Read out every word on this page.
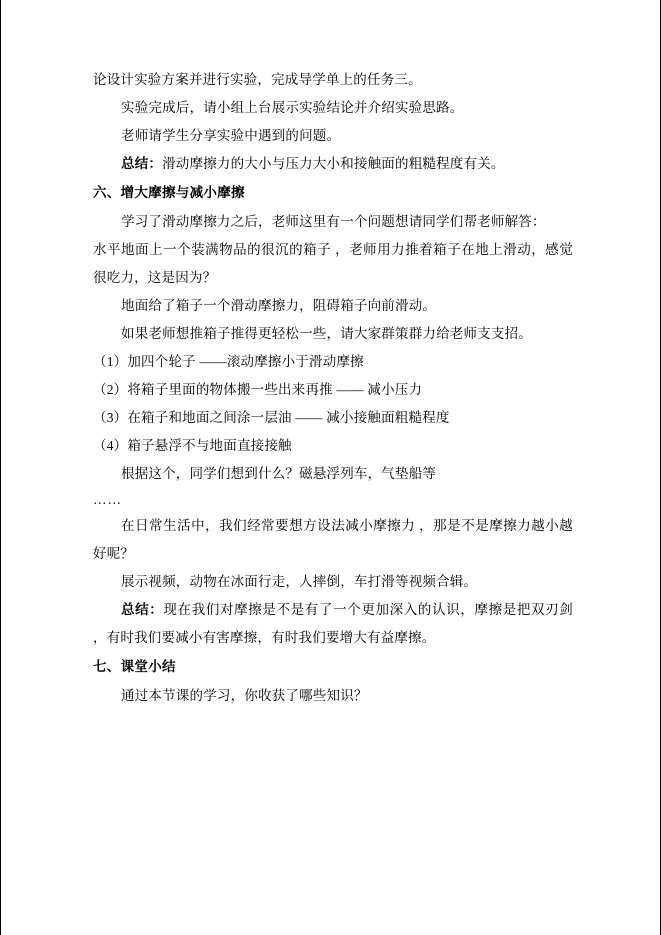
论设计实验方案并进行实验，完成导学单上的任务三。

实验完成后，请小组上台展示实验结论并介绍实验思路。

老师请学生分享实验中遇到的问题。

总结：滑动摩擦力的大小与压力大小和接触面的粗糙程度有关。

六、增大摩擦与减小摩擦

学习了滑动摩擦力之后，老师这里有一个问题想请同学们帮老师解答：

水平地面上一个装满物品的很沉的箱子 ，老师用力推着箱子在地上滑动，感觉很吃力，这是因为？

地面给了箱子一个滑动摩擦力，阻碍箱子向前滑动。

如果老师想推箱子推得更轻松一些，请大家群策群力给老师支支招。

（1）加四个轮子 ——滚动摩擦小于滑动摩擦

（2）将箱子里面的物体搬一些出来再推 —— 减小压力

（3）在箱子和地面之间涂一层油 —— 减小接触面粗糙程度

（4）箱子悬浮不与地面直接接触

根据这个，同学们想到什么？磁悬浮列车，气垫船等

……

在日常生活中，我们经常要想方设法减小摩擦力 ，那是不是摩擦力越小越好呢？

展示视频，动物在冰面行走，人摔倒，车打滑等视频合辑。

总结：现在我们对摩擦是不是有了一个更加深入的认识，摩擦是把双刃剑 ，有时我们要减小有害摩擦，有时我们要增大有益摩擦。

七、课堂小结

通过本节课的学习，你收获了哪些知识？
